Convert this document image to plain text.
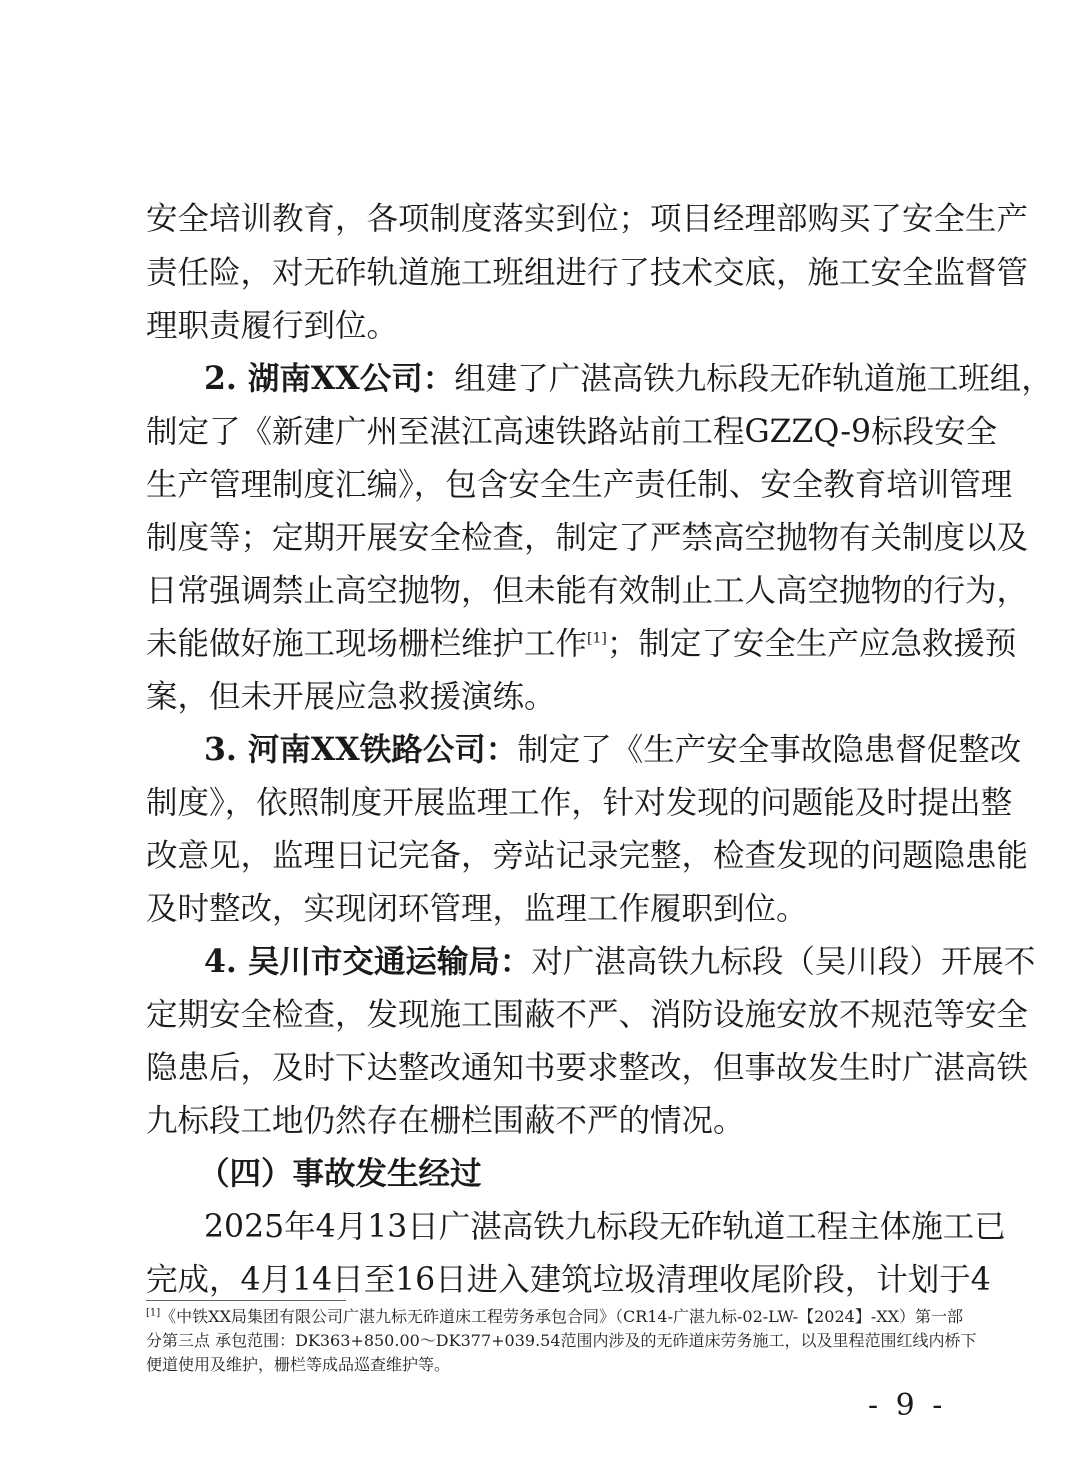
安全培训教育，各项制度落实到位；项目经理部购买了安全生产
责任险，对无砟轨道施工班组进行了技术交底，施工安全监督管
理职责履行到位。
2. 湖南XX公司：组建了广湛高铁九标段无砟轨道施工班组，
制定了《新建广州至湛江高速铁路站前工程GZZQ-9标段安全
生产管理制度汇编》，包含安全生产责任制、安全教育培训管理
制度等；定期开展安全检查，制定了严禁高空抛物有关制度以及
日常强调禁止高空抛物，但未能有效制止工人高空抛物的行为，
未能做好施工现场栅栏维护工作[1]；制定了安全生产应急救援预
案，但未开展应急救援演练。
3. 河南XX铁路公司：制定了《生产安全事故隐患督促整改
制度》，依照制度开展监理工作，针对发现的问题能及时提出整
改意见，监理日记完备，旁站记录完整，检查发现的问题隐患能
及时整改，实现闭环管理，监理工作履职到位。
4. 吴川市交通运输局：对广湛高铁九标段（吴川段）开展不
定期安全检查，发现施工围蔽不严、消防设施安放不规范等安全
隐患后，及时下达整改通知书要求整改，但事故发生时广湛高铁
九标段工地仍然存在栅栏围蔽不严的情况。
（四）事故发生经过
2025年4月13日广湛高铁九标段无砟轨道工程主体施工已
完成，4月14日至16日进入建筑垃圾清理收尾阶段，计划于4
[1]《中铁XX局集团有限公司广湛九标无砟道床工程劳务承包合同》（CR14-广湛九标-02-LW-【2024】-XX）第一部
分第三点 承包范围：DK363+850.00～DK377+039.54范围内涉及的无砟道床劳务施工，以及里程范围红线内桥下
便道使用及维护，栅栏等成品巡查维护等。
- 9 -
